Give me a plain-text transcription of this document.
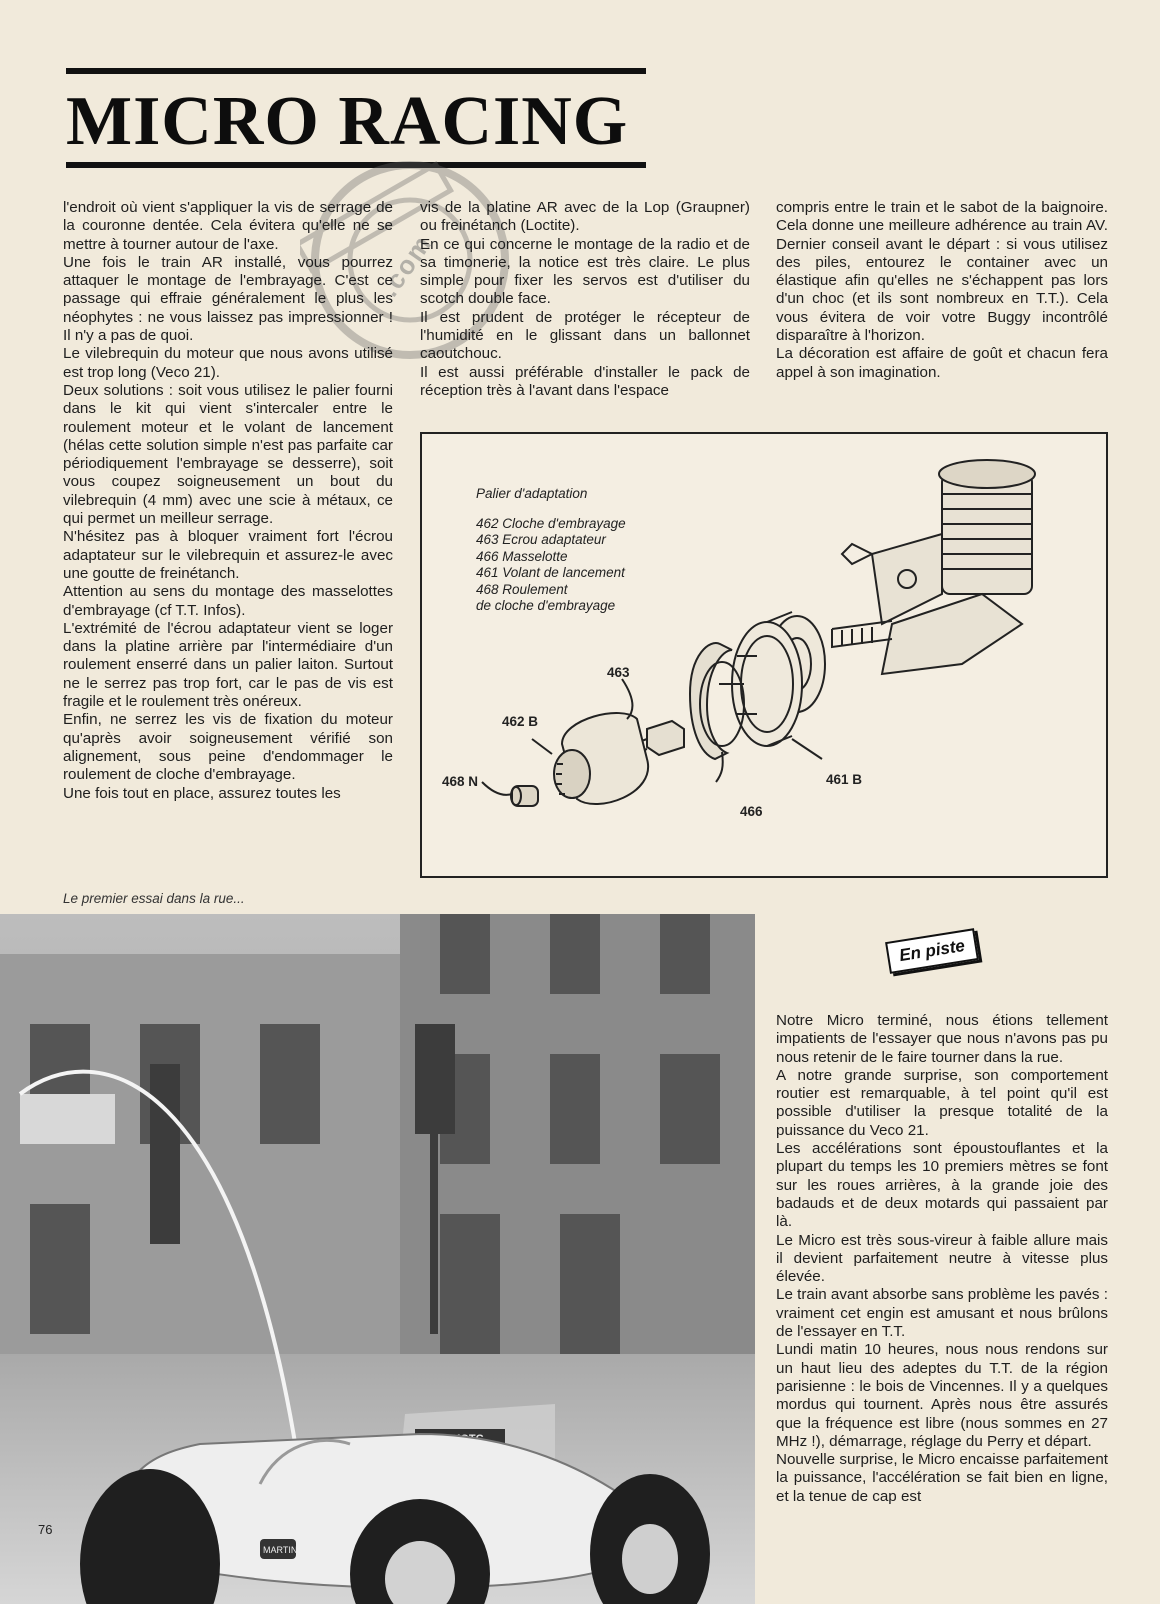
MICRO RACING
.com

l'endroit où vient s'appliquer la vis de serrage de la couronne dentée. Cela évitera qu'elle ne se mettre à tourner autour de l'axe.

Une fois le train AR installé, vous pourrez attaquer le montage de l'embrayage. C'est ce passage qui effraie généralement le plus les néophytes : ne vous laissez pas impressionner ! Il n'y a pas de quoi.

Le vilebrequin du moteur que nous avons utilisé est trop long (Veco 21).

Deux solutions : soit vous utilisez le palier fourni dans le kit qui vient s'intercaler entre le roulement moteur et le volant de lancement (hélas cette solution simple n'est pas parfaite car périodiquement l'embrayage se desserre), soit vous coupez soigneusement un bout du vilebrequin (4 mm) avec une scie à métaux, ce qui permet un meilleur serrage.

N'hésitez pas à bloquer vraiment fort l'écrou adaptateur sur le vilebrequin et assurez-le avec une goutte de freinétanch.

Attention au sens du montage des masselottes d'embrayage (cf T.T. Infos).

L'extrémité de l'écrou adaptateur vient se loger dans la platine arrière par l'intermédiaire d'un roulement enserré dans un palier laiton. Surtout ne le serrez pas trop fort, car le pas de vis est fragile et le roulement très onéreux.

Enfin, ne serrez les vis de fixation du moteur qu'après avoir soigneusement vérifié son alignement, sous peine d'endommager le roulement de cloche d'embrayage.

Une fois tout en place, assurez toutes les

vis de la platine AR avec de la Lop (Graupner) ou freinétanch (Loctite).

En ce qui concerne le montage de la radio et de sa timonerie, la notice est très claire. Le plus simple pour fixer les servos est d'utiliser du scotch double face.

Il est prudent de protéger le récepteur de l'humidité en le glissant dans un ballonnet caoutchouc.

Il est aussi préférable d'installer le pack de réception très à l'avant dans l'espace

compris entre le train et le sabot de la baignoire. Cela donne une meilleure adhérence au train AV. Dernier conseil avant le départ : si vous utilisez des piles, entourez le container avec un élastique afin qu'elles ne s'échappent pas lors d'un choc (et ils sont nombreux en T.T.). Cela vous évitera de voir votre Buggy incontrôlé disparaître à l'horizon.

La décoration est affaire de goût et chacun fera appel à son imagination.

Palier d'adaptation
462 Cloche d'embrayage
463 Ecrou adaptateur
466 Masselotte
461 Volant de lancement
468 Roulement
de cloche d'embrayage
463
462 B
468 N
466
461 B
Le premier essai dans la rue...
MARTIN
En piste

Notre Micro terminé, nous étions tellement impatients de l'essayer que nous n'avons pas pu nous retenir de le faire tourner dans la rue.

A notre grande surprise, son comportement routier est remarquable, à tel point qu'il est possible d'utiliser la presque totalité de la puissance du Veco 21.

Les accélérations sont époustouflantes et la plupart du temps les 10 premiers mètres se font sur les roues arrières, à la grande joie des badauds et de deux motards qui passaient par là.

Le Micro est très sous-vireur à faible allure mais il devient parfaitement neutre à vitesse plus élevée.

Le train avant absorbe sans problème les pavés : vraiment cet engin est amusant et nous brûlons de l'essayer en T.T.

Lundi matin 10 heures, nous nous rendons sur un haut lieu des adeptes du T.T. de la région parisienne : le bois de Vincennes. Il y a quelques mordus qui tournent. Après nous être assurés que la fréquence est libre (nous sommes en 27 MHz !), démarrage, réglage du Perry et départ.

Nouvelle surprise, le Micro encaisse parfaitement la puissance, l'accélération se fait bien en ligne, et la tenue de cap est

76
